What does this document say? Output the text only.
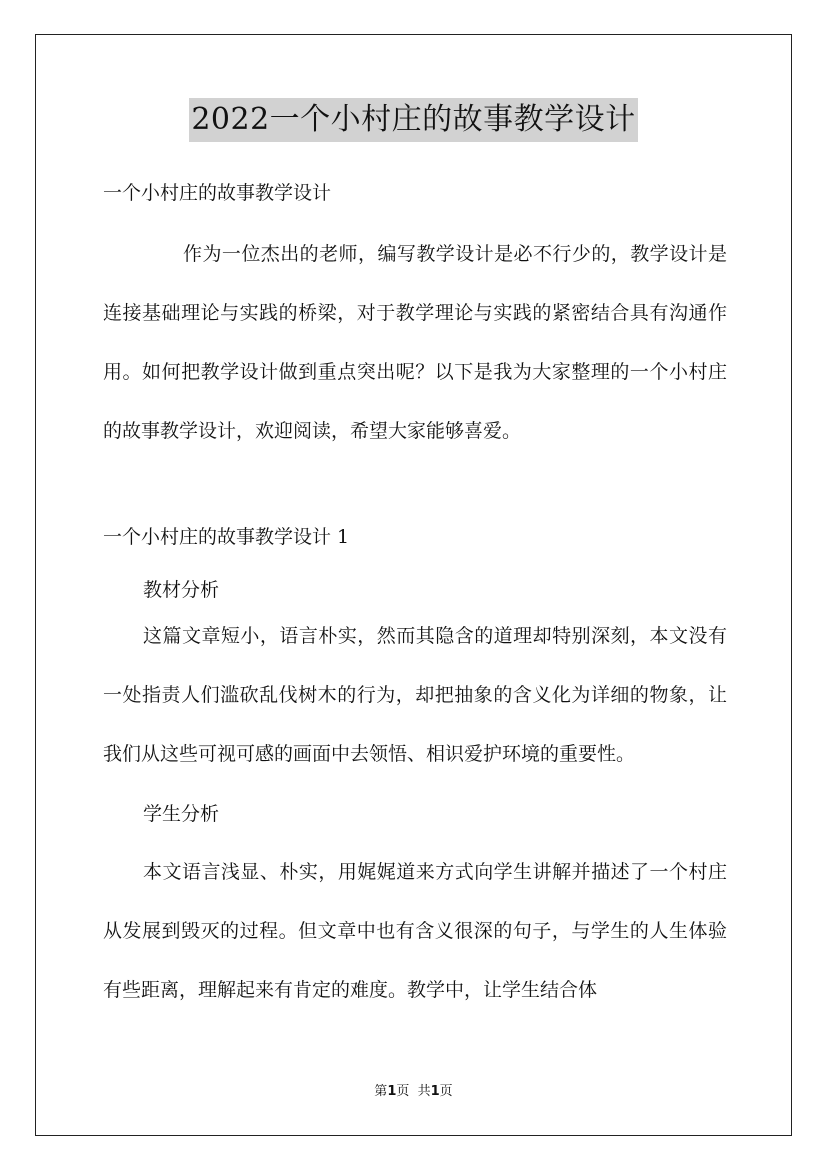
2022一个小村庄的故事教学设计

一个小村庄的故事教学设计

作为一位杰出的老师，编写教学设计是必不行少的，教学设计是连接基础理论与实践的桥梁，对于教学理论与实践的紧密结合具有沟通作用。如何把教学设计做到重点突出呢？以下是我为大家整理的一个小村庄的故事教学设计，欢迎阅读，希望大家能够喜爱。

一个小村庄的故事教学设计 1

教材分析

这篇文章短小，语言朴实，然而其隐含的道理却特别深刻，本文没有一处指责人们滥砍乱伐树木的行为，却把抽象的含义化为详细的物象，让我们从这些可视可感的画面中去领悟、相识爱护环境的重要性。

学生分析

本文语言浅显、朴实，用娓娓道来方式向学生讲解并描述了一个村庄从发展到毁灭的过程。但文章中也有含义很深的句子，与学生的人生体验有些距离，理解起来有肯定的难度。教学中，让学生结合体

第1页  共1页
